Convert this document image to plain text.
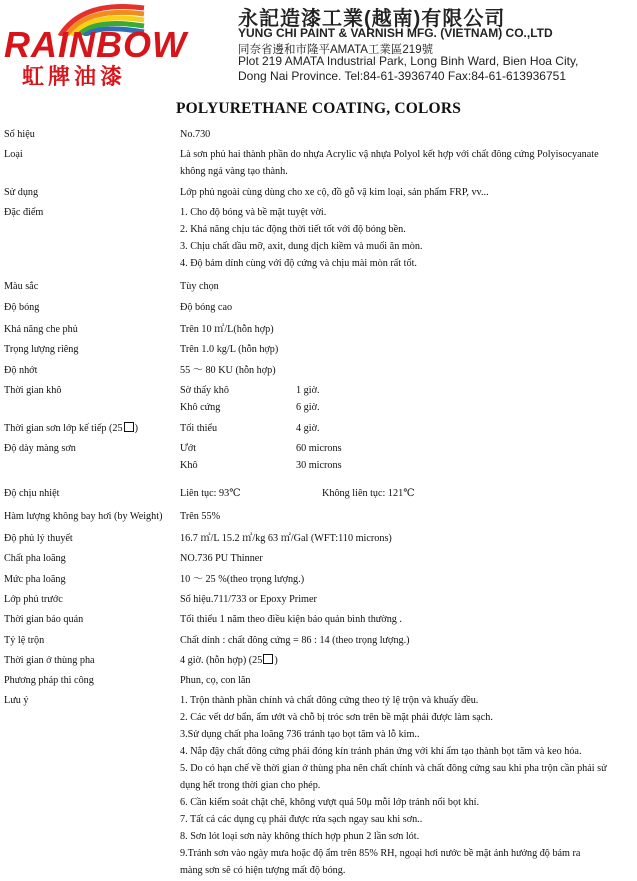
RAINBOW
虹牌油漆
永記造漆工業(越南)有限公司
YUNG CHI PAINT & VARNISH MFG. (VIETNAM) CO.,LTD
同奈省邊和市隆平AMATA工業區219號
Plot 219 AMATA Industrial Park, Long Binh Ward, Bien Hoa City,
Dong Nai Province. Tel:84-61-3936740 Fax:84-61-613936751
POLYURETHANE COATING, COLORS
Số hiệu	No.730
Loại	Là sơn phủ hai thành phần do nhựa Acrylic vậ nhựa Polyol kết hợp với chất đông cứng Polyisocyanate
không ngả vàng tạo thành.
Sử dụng	Lớp phủ ngoài cùng dùng cho xe cộ, đồ gỗ vậ kim loại, sản phẩm FRP, vv...
Đặc điểm	1. Cho độ bóng và bề mặt tuyệt vời.
2. Khả năng chịu tác động thời tiết tốt với độ bóng bền.
3. Chịu chất dầu mỡ, axit, dung dịch kiềm và muối ăn mòn.
4. Độ bám dính cùng với độ cứng và chịu mài mòn rất tốt.
Màu sắc	Tùy chọn
Độ bóng	Độ bóng cao
Khả năng che phủ	Trên 10 ㎡/L(hỗn hợp)
Trọng lượng riêng	Trên 1.0 kg/L (hỗn hợp)
Độ nhớt	55 ～ 80 KU (hỗn hợp)
Thời gian khô	Sờ thấy khô	1 giờ.
Khô cứng	6 giờ.
Thời gian sơn lớp kế tiếp (25 )	Tối thiểu	4 giờ.
Độ dày màng sơn	Ướt	60 microns
Khô	30 microns
Độ chịu nhiệt	Liên tục: 93℃	Không liên tục: 121℃
Hàm lượng không bay hơi (by Weight) Trên 55%
Độ phủ lý thuyết	16.7 ㎡/L 15.2 ㎡/kg 63 ㎡/Gal (WFT:110 microns)
Chất pha loãng	NO.736 PU Thinner
Mức pha loãng	10 ～ 25 %(theo trọng lượng.)
Lớp phủ trước	Số hiệu.711/733 or Epoxy Primer
Thời gian bảo quản	Tối thiểu 1 năm theo điều kiện bảo quản bình thường .
Tỷ lệ trộn	Chất dính : chất đông cứng = 86 : 14 (theo trọng lượng.)
Thời gian ở thùng pha	4 giờ. (hỗn hợp) (25 )
Phương pháp thi công	Phun, cọ, con lăn
Lưu ý	1. Trộn thành phần chính và chất đông cứng theo tỷ lệ trộn và khuấy đều.
2. Các vết dơ bẩn, ẩm ướt và chỗ bị tróc sơn trên bề mặt phải được làm sạch.
3.Sử dụng chất pha loãng 736 tránh tạo bọt tăm và lỗ kim..
4. Nắp đậy chất đông cứng phải đóng kín tránh phản ứng với khí ẩm tạo thành bọt tăm và keo hóa.
5. Do có hạn chế về thời gian ở thùng pha nên chất chính và chất đông cứng sau khi pha trộn cần phải sử
dụng hết trong thời gian cho phép.
6. Cần kiểm soát chặt chẽ, không vượt quá 50μ mỗi lớp tránh nổi bọt khí.
7. Tất cả các dụng cụ phải được rửa sạch ngay sau khi sơn..
8. Sơn lót loại sơn này không thích hợp phun 2 lần sơn lót.
9.Tránh sơn vào ngày mưa hoặc độ ẩm trên 85% RH, ngoại hơi nước bề mặt ảnh hưởng độ bám ra
màng sơn sẽ có hiện tượng mất độ bóng.
